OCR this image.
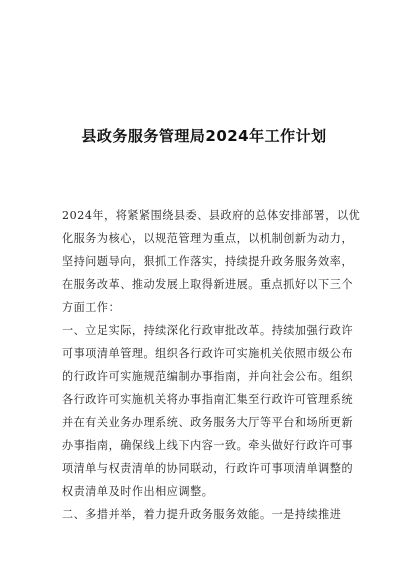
县政务服务管理局2024年工作计划
2024年，将紧紧围绕县委、县政府的总体安排部署，以优
化服务为核心，以规范管理为重点，以机制创新为动力，
坚持问题导向，狠抓工作落实，持续提升政务服务效率，
在服务改革、推动发展上取得新进展。重点抓好以下三个
方面工作：
一、立足实际，持续深化行政审批改革。持续加强行政许
可事项清单管理。组织各行政许可实施机关依照市级公布
的行政许可实施规范编制办事指南，并向社会公布。组织
各行政许可实施机关将办事指南汇集至行政许可管理系统
并在有关业务办理系统、政务服务大厅等平台和场所更新
办事指南，确保线上线下内容一致。牵头做好行政许可事
项清单与权责清单的协同联动，行政许可事项清单调整的
权责清单及时作出相应调整。
二、多措并举，着力提升政务服务效能。一是持续推进
